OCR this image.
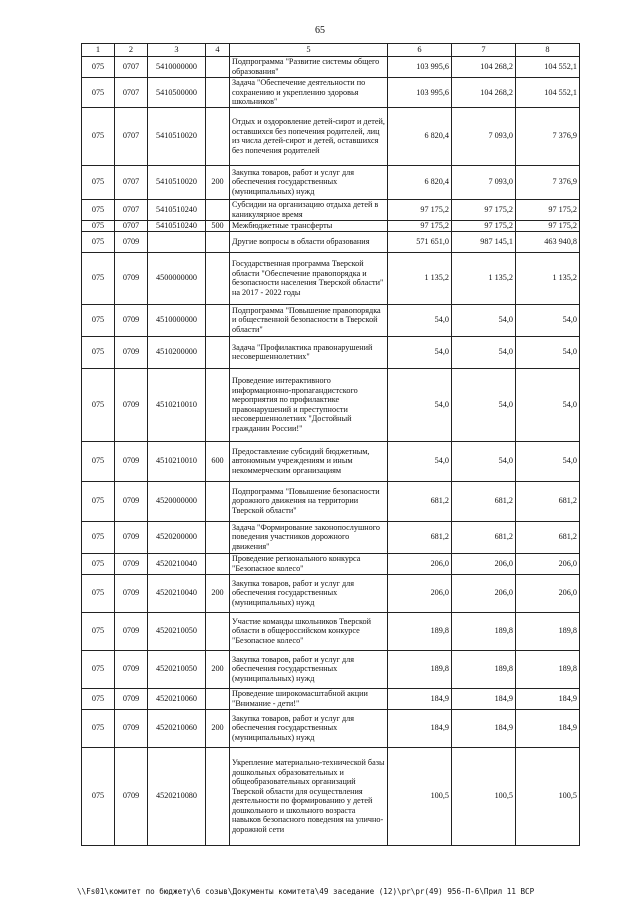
65
1	2	3	4	5	6	7	8
075	0707	5410000000		Подпрограмма "Развитие системы общего образования"	103 995,6	104 268,2	104 552,1
075	0707	5410500000		Задача "Обеспечение деятельности по сохранению и укреплению здоровья школьников"	103 995,6	104 268,2	104 552,1
075	0707	5410510020		Отдых и оздоровление детей-сирот и детей, оставшихся без попечения родителей, лиц из числа детей-сирот и детей, оставшихся без попечения родителей	6 820,4	7 093,0	7 376,9
075	0707	5410510020	200	Закупка товаров, работ и услуг для обеспечения государственных (муниципальных) нужд	6 820,4	7 093,0	7 376,9
075	0707	5410510240		Субсидии на организацию отдыха детей в каникулярное время	97 175,2	97 175,2	97 175,2
075	0707	5410510240	500	Межбюджетные трансферты	97 175,2	97 175,2	97 175,2
075	0709			Другие вопросы в области образования	571 651,0	987 145,1	463 940,8
075	0709	4500000000		Государственная программа Тверской области "Обеспечение правопорядка и безопасности населения Тверской области" на 2017 - 2022 годы	1 135,2	1 135,2	1 135,2
075	0709	4510000000		Подпрограмма "Повышение правопорядка и общественной безопасности в Тверской области"	54,0	54,0	54,0
075	0709	4510200000		Задача "Профилактика правонарушений несовершеннолетних"	54,0	54,0	54,0
075	0709	4510210010		Проведение интерактивного информационно-пропагандистского мероприятия по профилактике правонарушений и преступности несовершеннолетних "Достойный гражданин России!"	54,0	54,0	54,0
075	0709	4510210010	600	Предоставление субсидий бюджетным, автономным учреждениям и иным некоммерческим организациям	54,0	54,0	54,0
075	0709	4520000000		Подпрограмма "Повышение безопасности дорожного движения на территории Тверской области"	681,2	681,2	681,2
075	0709	4520200000		Задача "Формирование законопослушного поведения участников дорожного движения"	681,2	681,2	681,2
075	0709	4520210040		Проведение регионального конкурса "Безопасное колесо"	206,0	206,0	206,0
075	0709	4520210040	200	Закупка товаров, работ и услуг для обеспечения государственных (муниципальных) нужд	206,0	206,0	206,0
075	0709	4520210050		Участие команды школьников Тверской области в общероссийском конкурсе "Безопасное колесо"	189,8	189,8	189,8
075	0709	4520210050	200	Закупка товаров, работ и услуг для обеспечения государственных (муниципальных) нужд	189,8	189,8	189,8
075	0709	4520210060		Проведение широкомасштабной акции "Внимание - дети!"	184,9	184,9	184,9
075	0709	4520210060	200	Закупка товаров, работ и услуг для обеспечения государственных (муниципальных) нужд	184,9	184,9	184,9
075	0709	4520210080		Укрепление материально-технической базы дошкольных образовательных и общеобразовательных организаций Тверской области для осуществления деятельности по формированию у детей дошкольного и школьного возраста навыков безопасного поведения на улично-дорожной сети	100,5	100,5	100,5
\\Fs01\комитет по бюджету\6 созыв\Документы комитета\49 заседание (12)\pr\pr(49) 956-П-6\Прил 11 ВСР
